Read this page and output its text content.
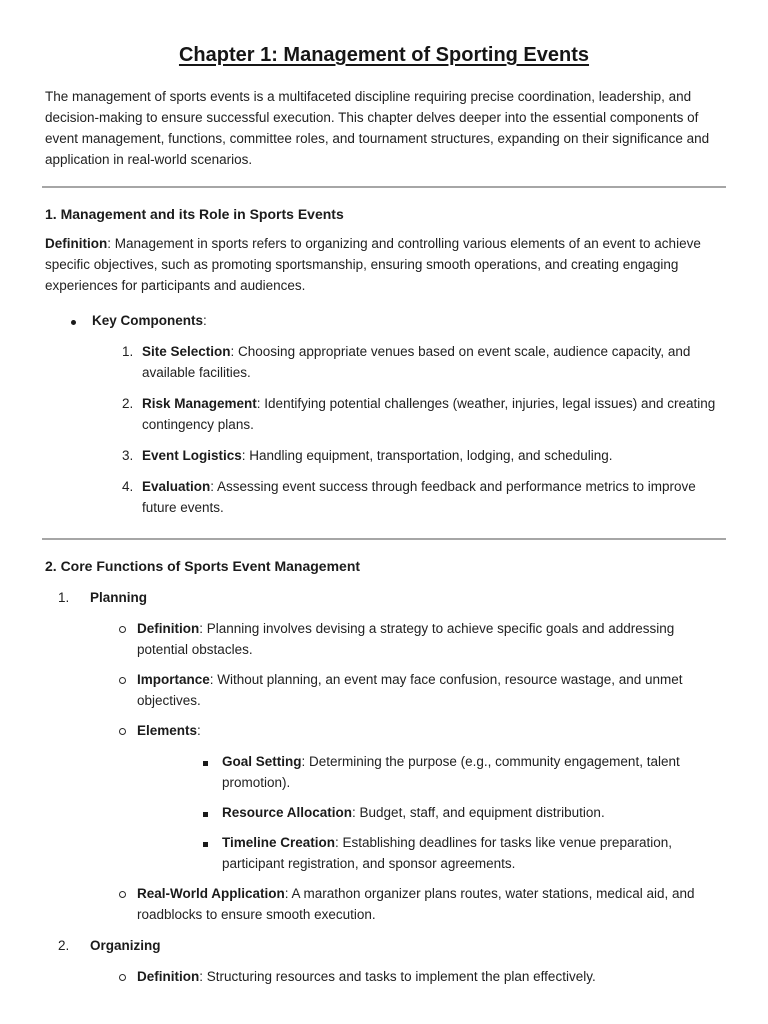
Chapter 1: Management of Sporting Events

The management of sports events is a multifaceted discipline requiring precise coordination, leadership, and decision-making to ensure successful execution. This chapter delves deeper into the essential components of event management, functions, committee roles, and tournament structures, expanding on their significance and application in real-world scenarios.

1. Management and its Role in Sports Events

Definition: Management in sports refers to organizing and controlling various elements of an event to achieve specific objectives, such as promoting sportsmanship, ensuring smooth operations, and creating engaging experiences for participants and audiences.

Key Components:
1. Site Selection: Choosing appropriate venues based on event scale, audience capacity, and available facilities.
2. Risk Management: Identifying potential challenges (weather, injuries, legal issues) and creating contingency plans.
3. Event Logistics: Handling equipment, transportation, lodging, and scheduling.
4. Evaluation: Assessing event success through feedback and performance metrics to improve future events.

2. Core Functions of Sports Event Management

1.	Planning
Definition: Planning involves devising a strategy to achieve specific goals and addressing potential obstacles.
Importance: Without planning, an event may face confusion, resource wastage, and unmet objectives.
Elements:
Goal Setting: Determining the purpose (e.g., community engagement, talent promotion).
Resource Allocation: Budget, staff, and equipment distribution.
Timeline Creation: Establishing deadlines for tasks like venue preparation, participant registration, and sponsor agreements.
Real-World Application: A marathon organizer plans routes, water stations, medical aid, and roadblocks to ensure smooth execution.
2.	Organizing
Definition: Structuring resources and tasks to implement the plan effectively.
